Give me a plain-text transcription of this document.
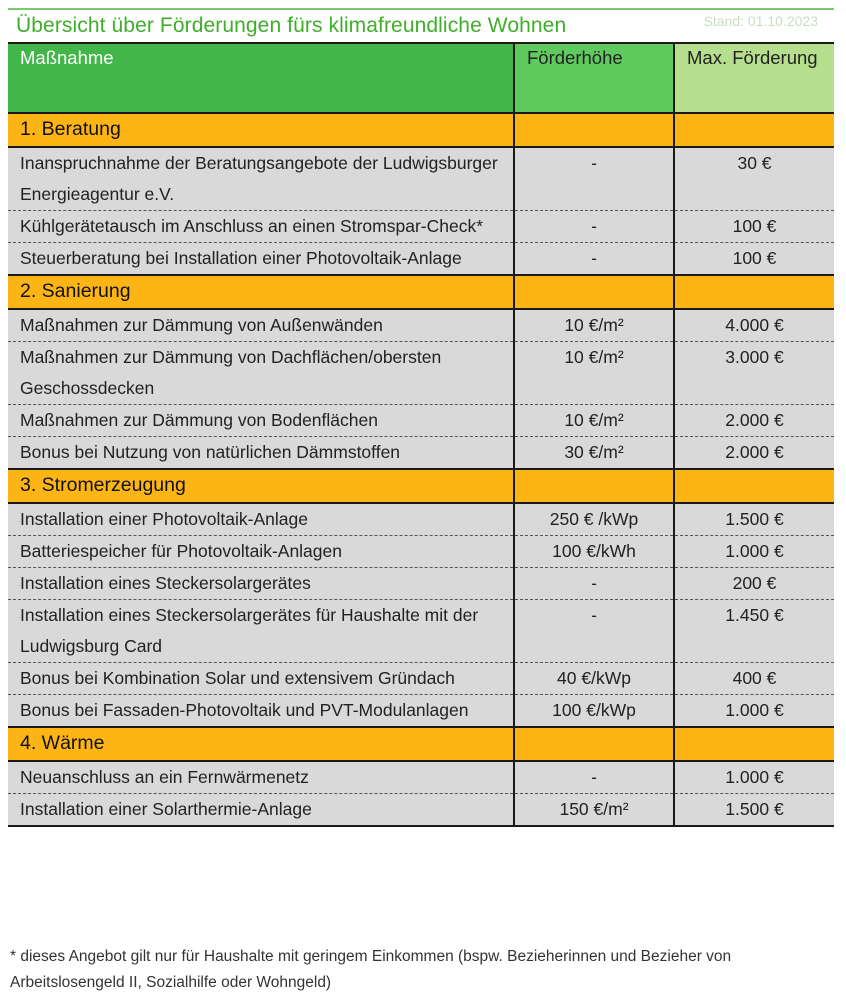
Übersicht über Förderungen fürs klimafreundliche Wohnen	Stand: 01.10.2023
Maßnahme	Förderhöhe	Max. Förderung
1. Beratung		
Inanspruchnahme der Beratungsangebote der Ludwigsburger Energieagentur e.V.	-	30 €
Kühlgerätetausch im Anschluss an einen Stromspar-Check*	-	100 €
Steuerberatung bei Installation einer Photovoltaik-Anlage	-	100 €
2. Sanierung		
Maßnahmen zur Dämmung von Außenwänden	10 €/m²	4.000 €
Maßnahmen zur Dämmung von Dachflächen/obersten Geschossdecken	10 €/m²	3.000 €
Maßnahmen zur Dämmung von Bodenflächen	10 €/m²	2.000 €
Bonus bei Nutzung von natürlichen Dämmstoffen	30 €/m²	2.000 €
3. Stromerzeugung		
Installation einer Photovoltaik-Anlage	250 € /kWp	1.500 €
Batteriespeicher für Photovoltaik-Anlagen	100 €/kWh	1.000 €
Installation eines Steckersolargerätes	-	200 €
Installation eines Steckersolargerätes für Haushalte mit der Ludwigsburg Card	-	1.450 €
Bonus bei Kombination Solar und extensivem Gründach	40 €/kWp	400 €
Bonus bei Fassaden-Photovoltaik und PVT-Modulanlagen	100 €/kWp	1.000 €
4. Wärme		
Neuanschluss an ein Fernwärmenetz	-	1.000 €
Installation einer Solarthermie-Anlage	150 €/m²	1.500 €
* dieses Angebot gilt nur für Haushalte mit geringem Einkommen (bspw. Bezieherinnen und Bezieher von Arbeitslosengeld II, Sozialhilfe oder Wohngeld)
